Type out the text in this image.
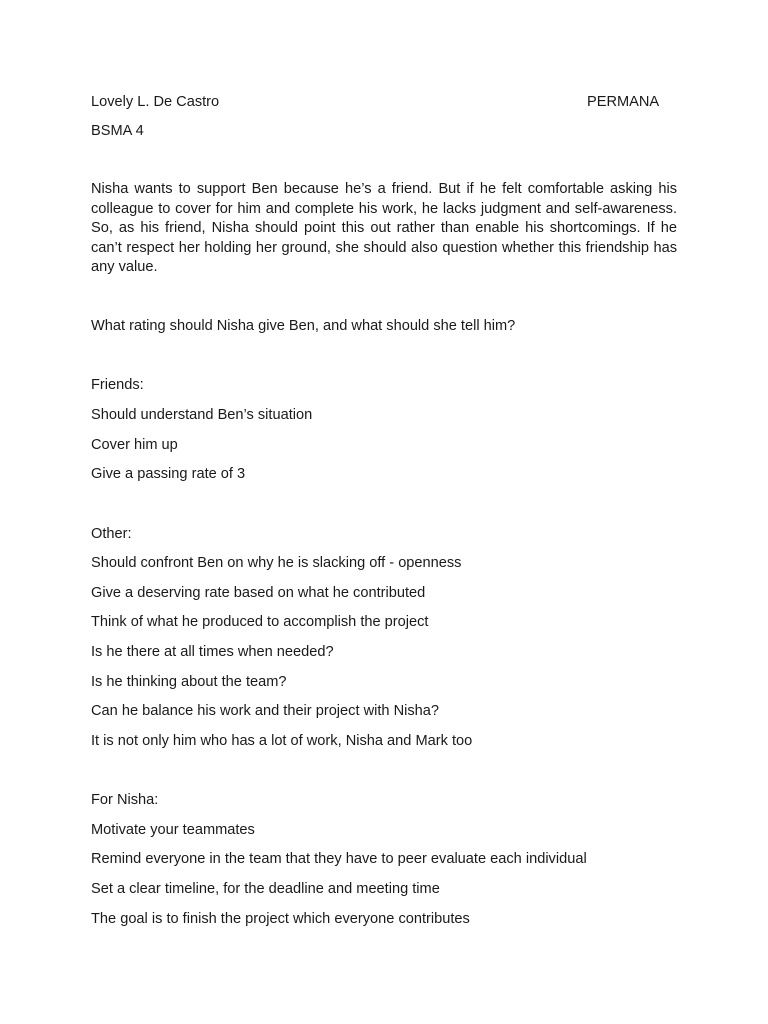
Lovely L. De Castro	PERMANA
BSMA 4
Nisha wants to support Ben because he’s a friend. But if he felt comfortable asking his colleague to cover for him and complete his work, he lacks judgment and self-awareness. So, as his friend, Nisha should point this out rather than enable his shortcomings. If he can’t respect her holding her ground, she should also question whether this friendship has any value.
What rating should Nisha give Ben, and what should she tell him?
Friends:
Should understand Ben’s situation
Cover him up
Give a passing rate of 3
Other:
Should confront Ben on why he is slacking off - openness
Give a deserving rate based on what he contributed
Think of what he produced to accomplish the project
Is he there at all times when needed?
Is he thinking about the team?
Can he balance his work and their project with Nisha?
It is not only him who has a lot of work, Nisha and Mark too
For Nisha:
Motivate your teammates
Remind everyone in the team that they have to peer evaluate each individual
Set a clear timeline, for the deadline and meeting time
The goal is to finish the project which everyone contributes
